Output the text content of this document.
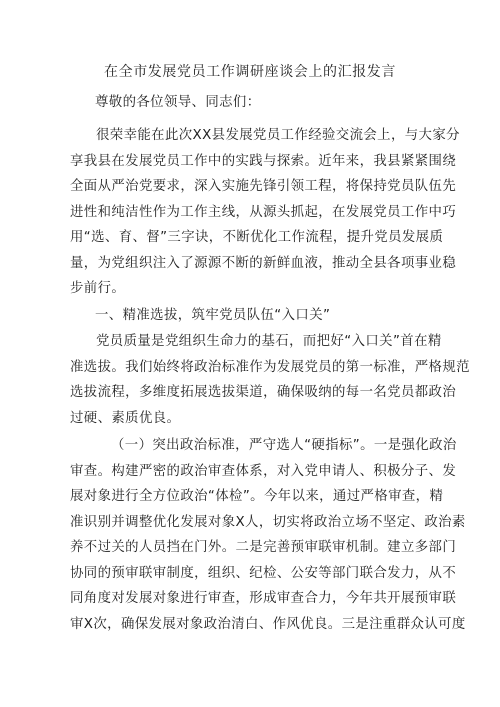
在全市发展党员工作调研座谈会上的汇报发言
尊敬的各位领导、同志们：
很荣幸能在此次XX县发展党员工作经验交流会上，与大家分
享我县在发展党员工作中的实践与探索。近年来，我县紧紧围绕
全面从严治党要求，深入实施先锋引领工程，将保持党员队伍先
进性和纯洁性作为工作主线，从源头抓起，在发展党员工作中巧
用“选、育、督”三字诀，不断优化工作流程，提升党员发展质
量，为党组织注入了源源不断的新鲜血液，推动全县各项事业稳
步前行。
一、精准选拔，筑牢党员队伍“入口关”
党员质量是党组织生命力的基石，而把好“入口关”首在精
准选拔。我们始终将政治标准作为发展党员的第一标准，严格规范
选拔流程，多维度拓展选拔渠道，确保吸纳的每一名党员都政治
过硬、素质优良。
（一）突出政治标准，严守选人“硬指标”。一是强化政治
审查。构建严密的政治审查体系，对入党申请人、积极分子、发
展对象进行全方位政治“体检”。今年以来，通过严格审查，精
准识别并调整优化发展对象X人，切实将政治立场不坚定、政治素
养不过关的人员挡在门外。二是完善预审联审机制。建立多部门
协同的预审联审制度，组织、纪检、公安等部门联合发力，从不
同角度对发展对象进行审查，形成审查合力，今年共开展预审联
审X次，确保发展对象政治清白、作风优良。三是注重群众认可度
